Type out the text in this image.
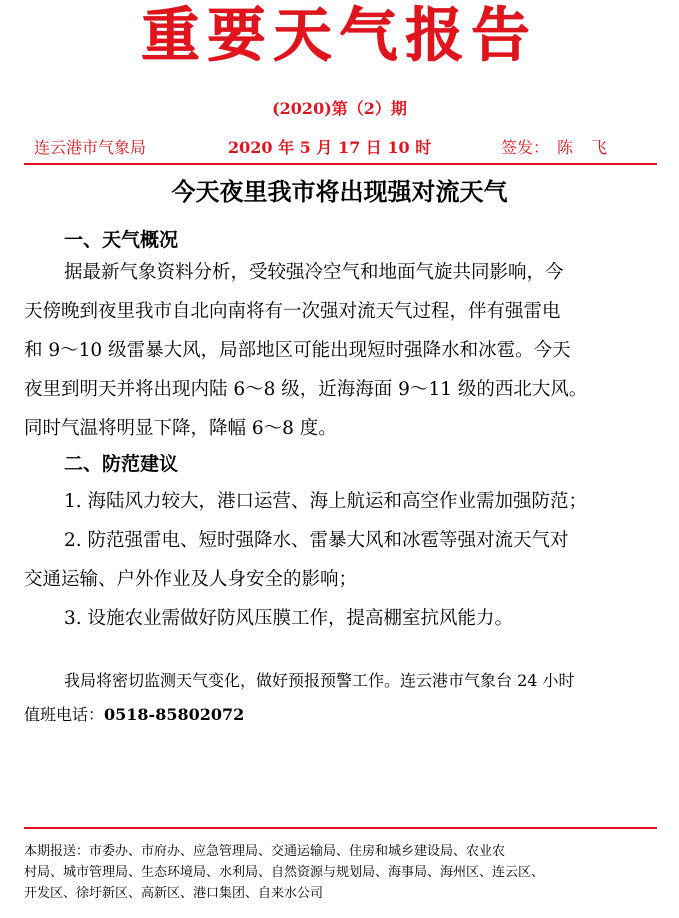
重要天气报告
(2020)第（2）期
连云港市气象局	2020 年 5 月 17 日 10 时	签发： 陈飞
今天夜里我市将出现强对流天气
一、天气概况
据最新气象资料分析，受较强冷空气和地面气旋共同影响，今
天傍晚到夜里我市自北向南将有一次强对流天气过程，伴有强雷电
和 9～10 级雷暴大风，局部地区可能出现短时强降水和冰雹。今天
夜里到明天并将出现内陆 6～8 级，近海海面 9～11 级的西北大风。
同时气温将明显下降，降幅 6～8 度。
二、防范建议
1. 海陆风力较大，港口运营、海上航运和高空作业需加强防范；
2. 防范强雷电、短时强降水、雷暴大风和冰雹等强对流天气对
交通运输、户外作业及人身安全的影响；
3. 设施农业需做好防风压膜工作，提高棚室抗风能力。
我局将密切监测天气变化，做好预报预警工作。连云港市气象台 24 小时
值班电话：0518-85802072
本期报送：市委办、市府办、应急管理局、交通运输局、住房和城乡建设局、农业农
村局、城市管理局、生态环境局、水利局、自然资源与规划局、海事局、海州区、连云区、
开发区、徐圩新区、高新区、港口集团、自来水公司
